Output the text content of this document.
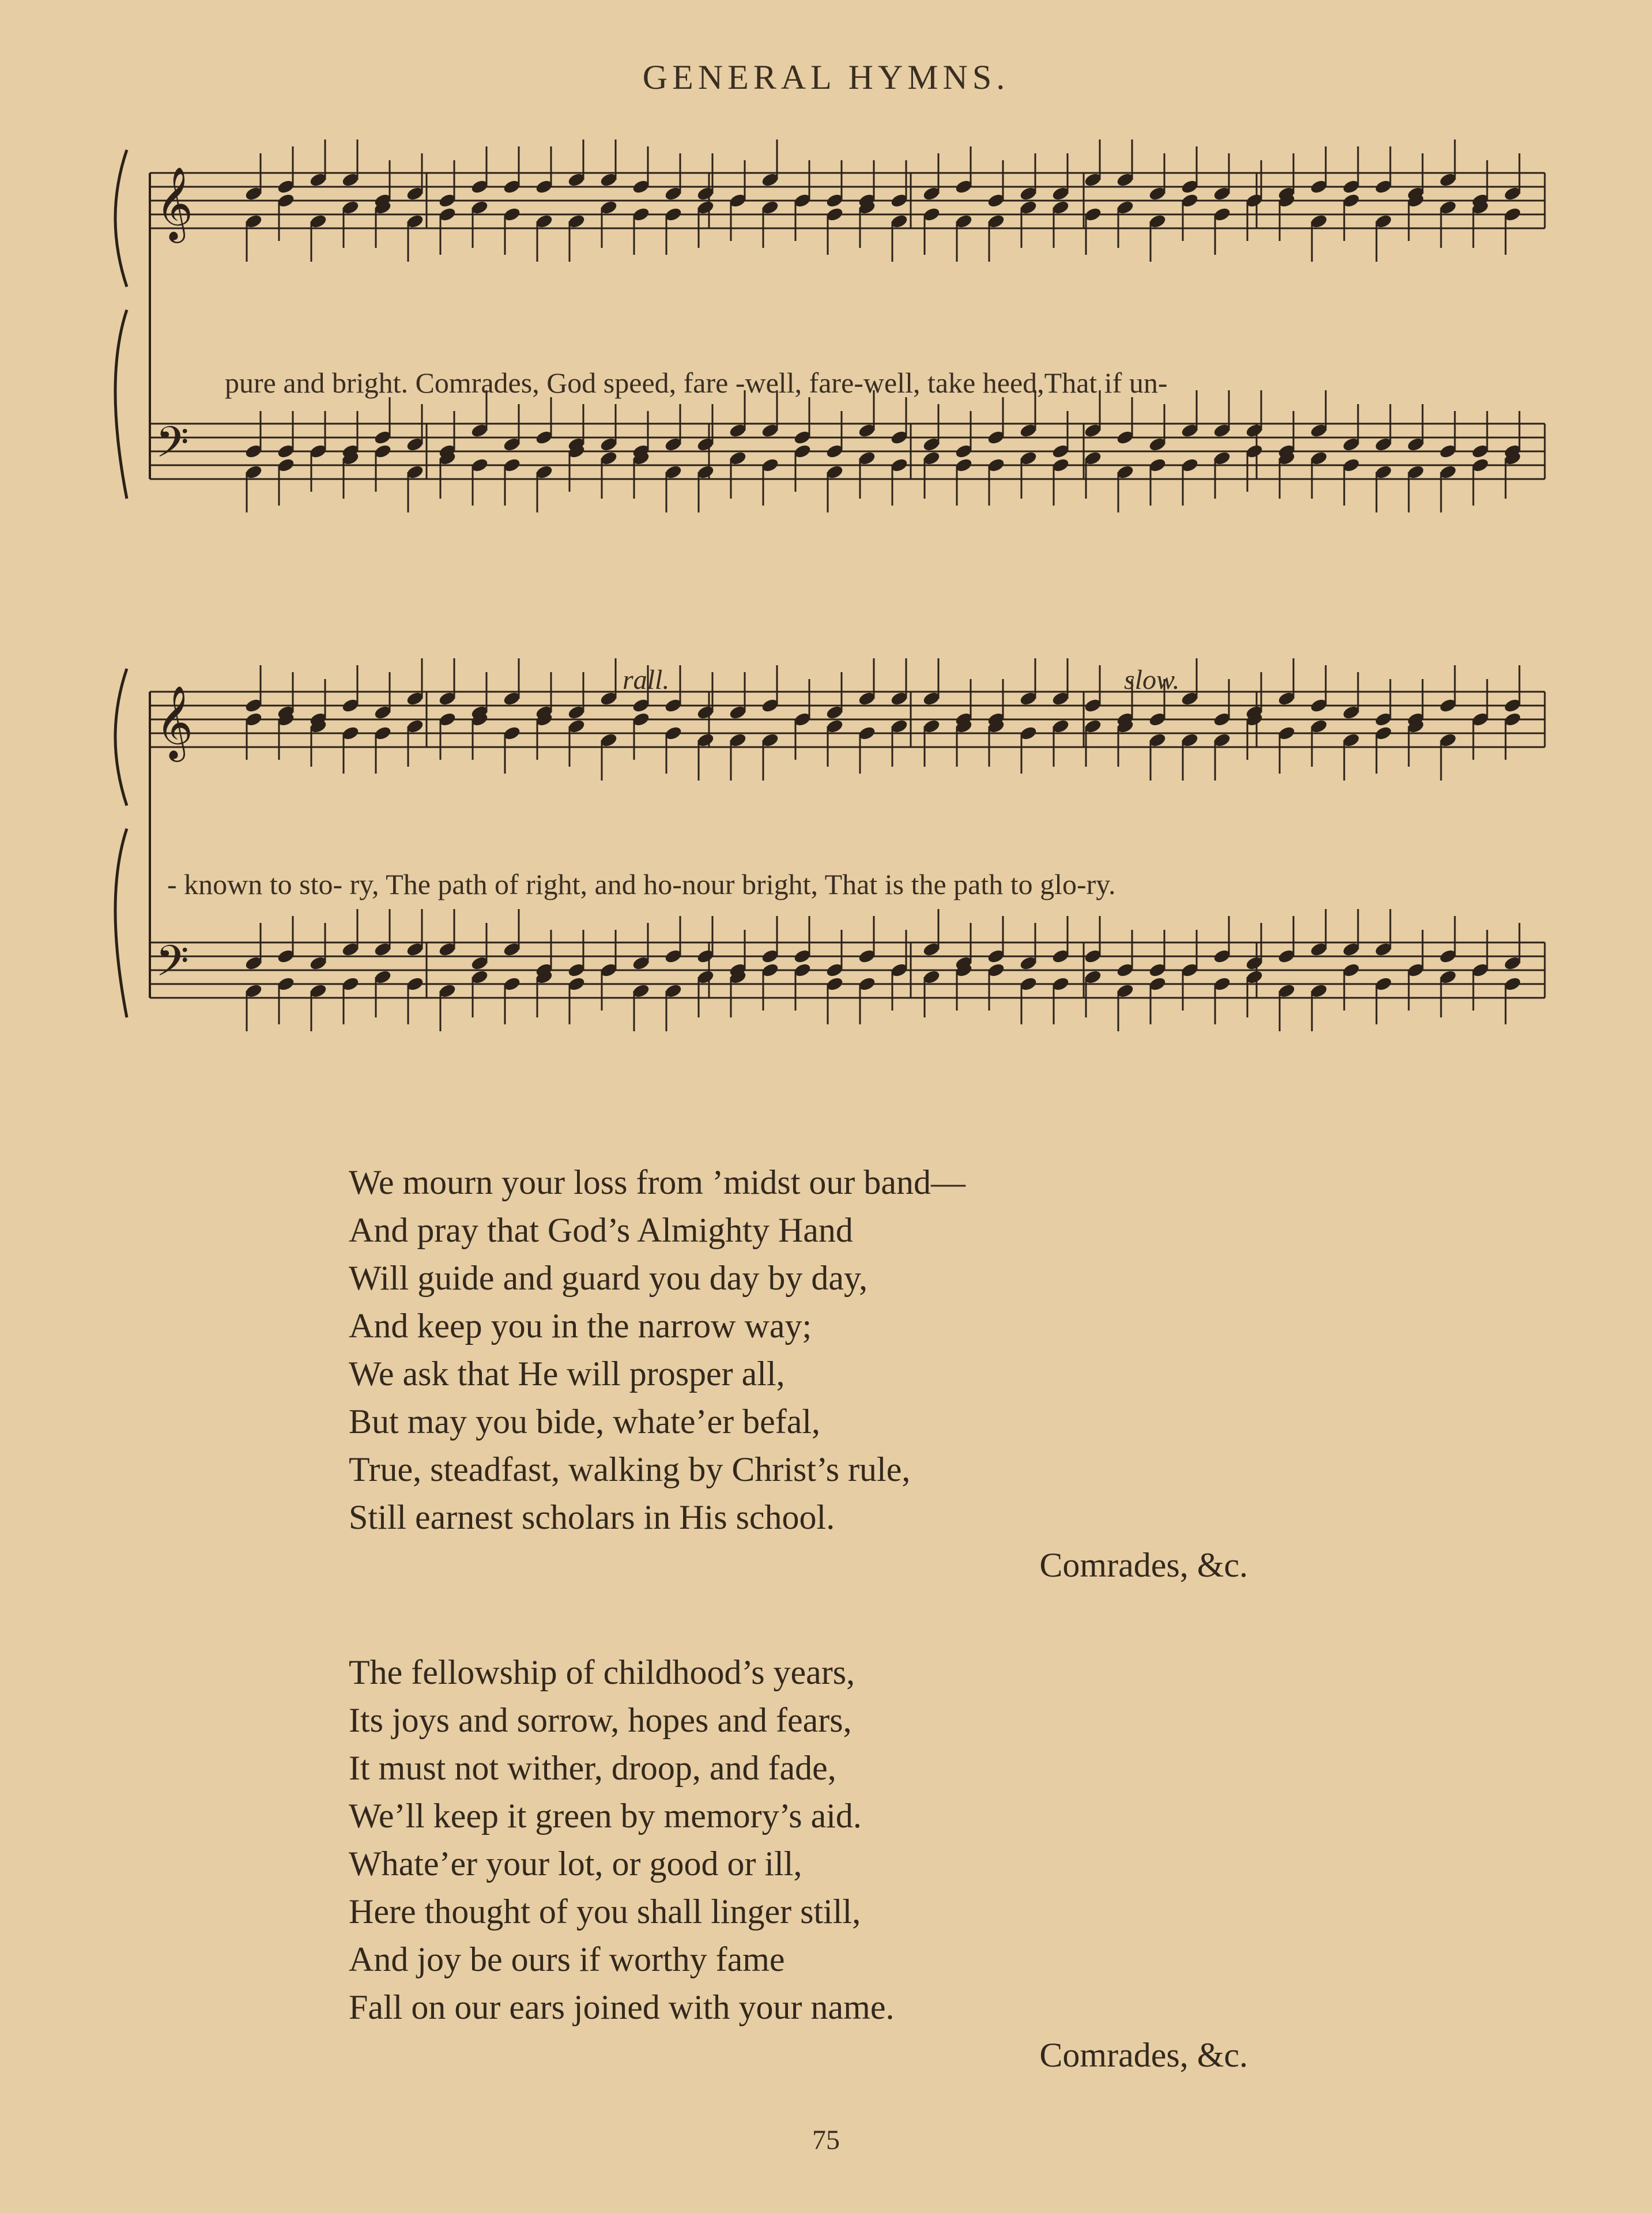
GENERAL HYMNS.
𝄞
𝄢
pure and bright. Comrades, God speed, fare -well, fare-well, take heed,That if un-
𝄞
𝄢
rall.	slow.
- known to sto- ry, The path of right, and ho-nour bright, That is the path to glo-ry.
We mourn your loss from ’midst our band—
And pray that God’s Almighty Hand
Will guide and guard you day by day,
And keep you in the narrow way;
We ask that He will prosper all,
But may you bide, whate’er befal,
True, steadfast, walking by Christ’s rule,
Still earnest scholars in His school.
Comrades, &c.
The fellowship of childhood’s years,
Its joys and sorrow, hopes and fears,
It must not wither, droop, and fade,
We’ll keep it green by memory’s aid.
Whate’er your lot, or good or ill,
Here thought of you shall linger still,
And joy be ours if worthy fame
Fall on our ears joined with your name.
Comrades, &c.
75
